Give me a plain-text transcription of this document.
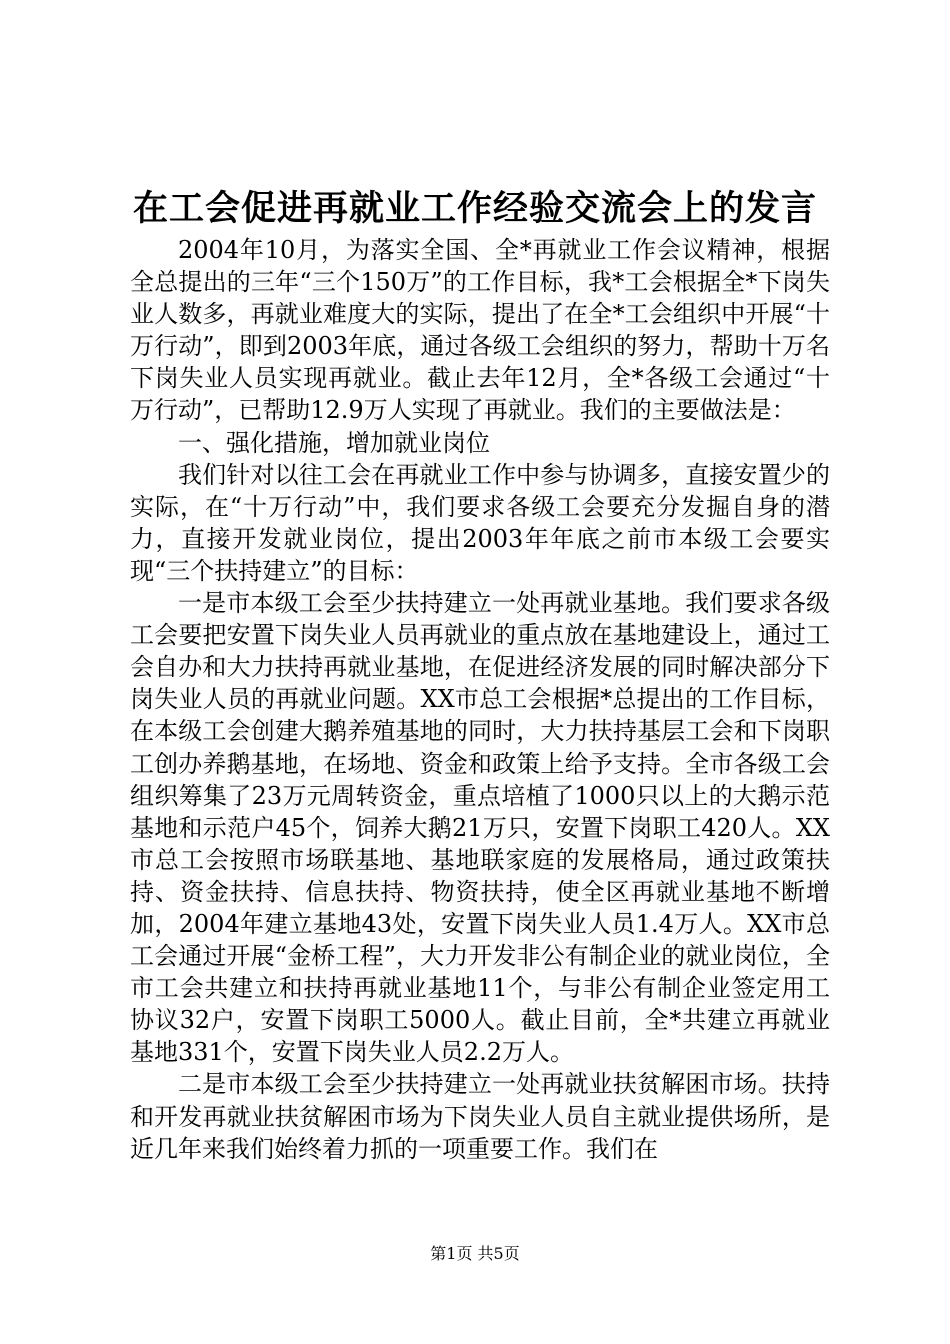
在工会促进再就业工作经验交流会上的发言

2004年10月，为落实全国、全*再就业工作会议精神，根据全总提出的三年“三个150万”的工作目标，我*工会根据全*下岗失业人数多，再就业难度大的实际，提出了在全*工会组织中开展“十万行动”，即到2003年底，通过各级工会组织的努力，帮助十万名下岗失业人员实现再就业。截止去年12月，全*各级工会通过“十万行动”，已帮助12.9万人实现了再就业。我们的主要做法是：

一、强化措施，增加就业岗位

我们针对以往工会在再就业工作中参与协调多，直接安置少的实际，在“十万行动”中，我们要求各级工会要充分发掘自身的潜力，直接开发就业岗位，提出2003年年底之前市本级工会要实现“三个扶持建立”的目标：

一是市本级工会至少扶持建立一处再就业基地。我们要求各级工会要把安置下岗失业人员再就业的重点放在基地建设上，通过工会自办和大力扶持再就业基地，在促进经济发展的同时解决部分下岗失业人员的再就业问题。XX市总工会根据*总提出的工作目标，在本级工会创建大鹅养殖基地的同时，大力扶持基层工会和下岗职工创办养鹅基地，在场地、资金和政策上给予支持。全市各级工会组织筹集了23万元周转资金，重点培植了1000只以上的大鹅示范基地和示范户45个，饲养大鹅21万只，安置下岗职工420人。XX市总工会按照市场联基地、基地联家庭的发展格局，通过政策扶持、资金扶持、信息扶持、物资扶持，使全区再就业基地不断增加，2004年建立基地43处，安置下岗失业人员1.4万人。XX市总工会通过开展“金桥工程”，大力开发非公有制企业的就业岗位，全市工会共建立和扶持再就业基地11个，与非公有制企业签定用工协议32户，安置下岗职工5000人。截止目前，全*共建立再就业基地331个，安置下岗失业人员2.2万人。

二是市本级工会至少扶持建立一处再就业扶贫解困市场。扶持和开发再就业扶贫解困市场为下岗失业人员自主就业提供场所，是近几年来我们始终着力抓的一项重要工作。我们在

第1页 共5页
